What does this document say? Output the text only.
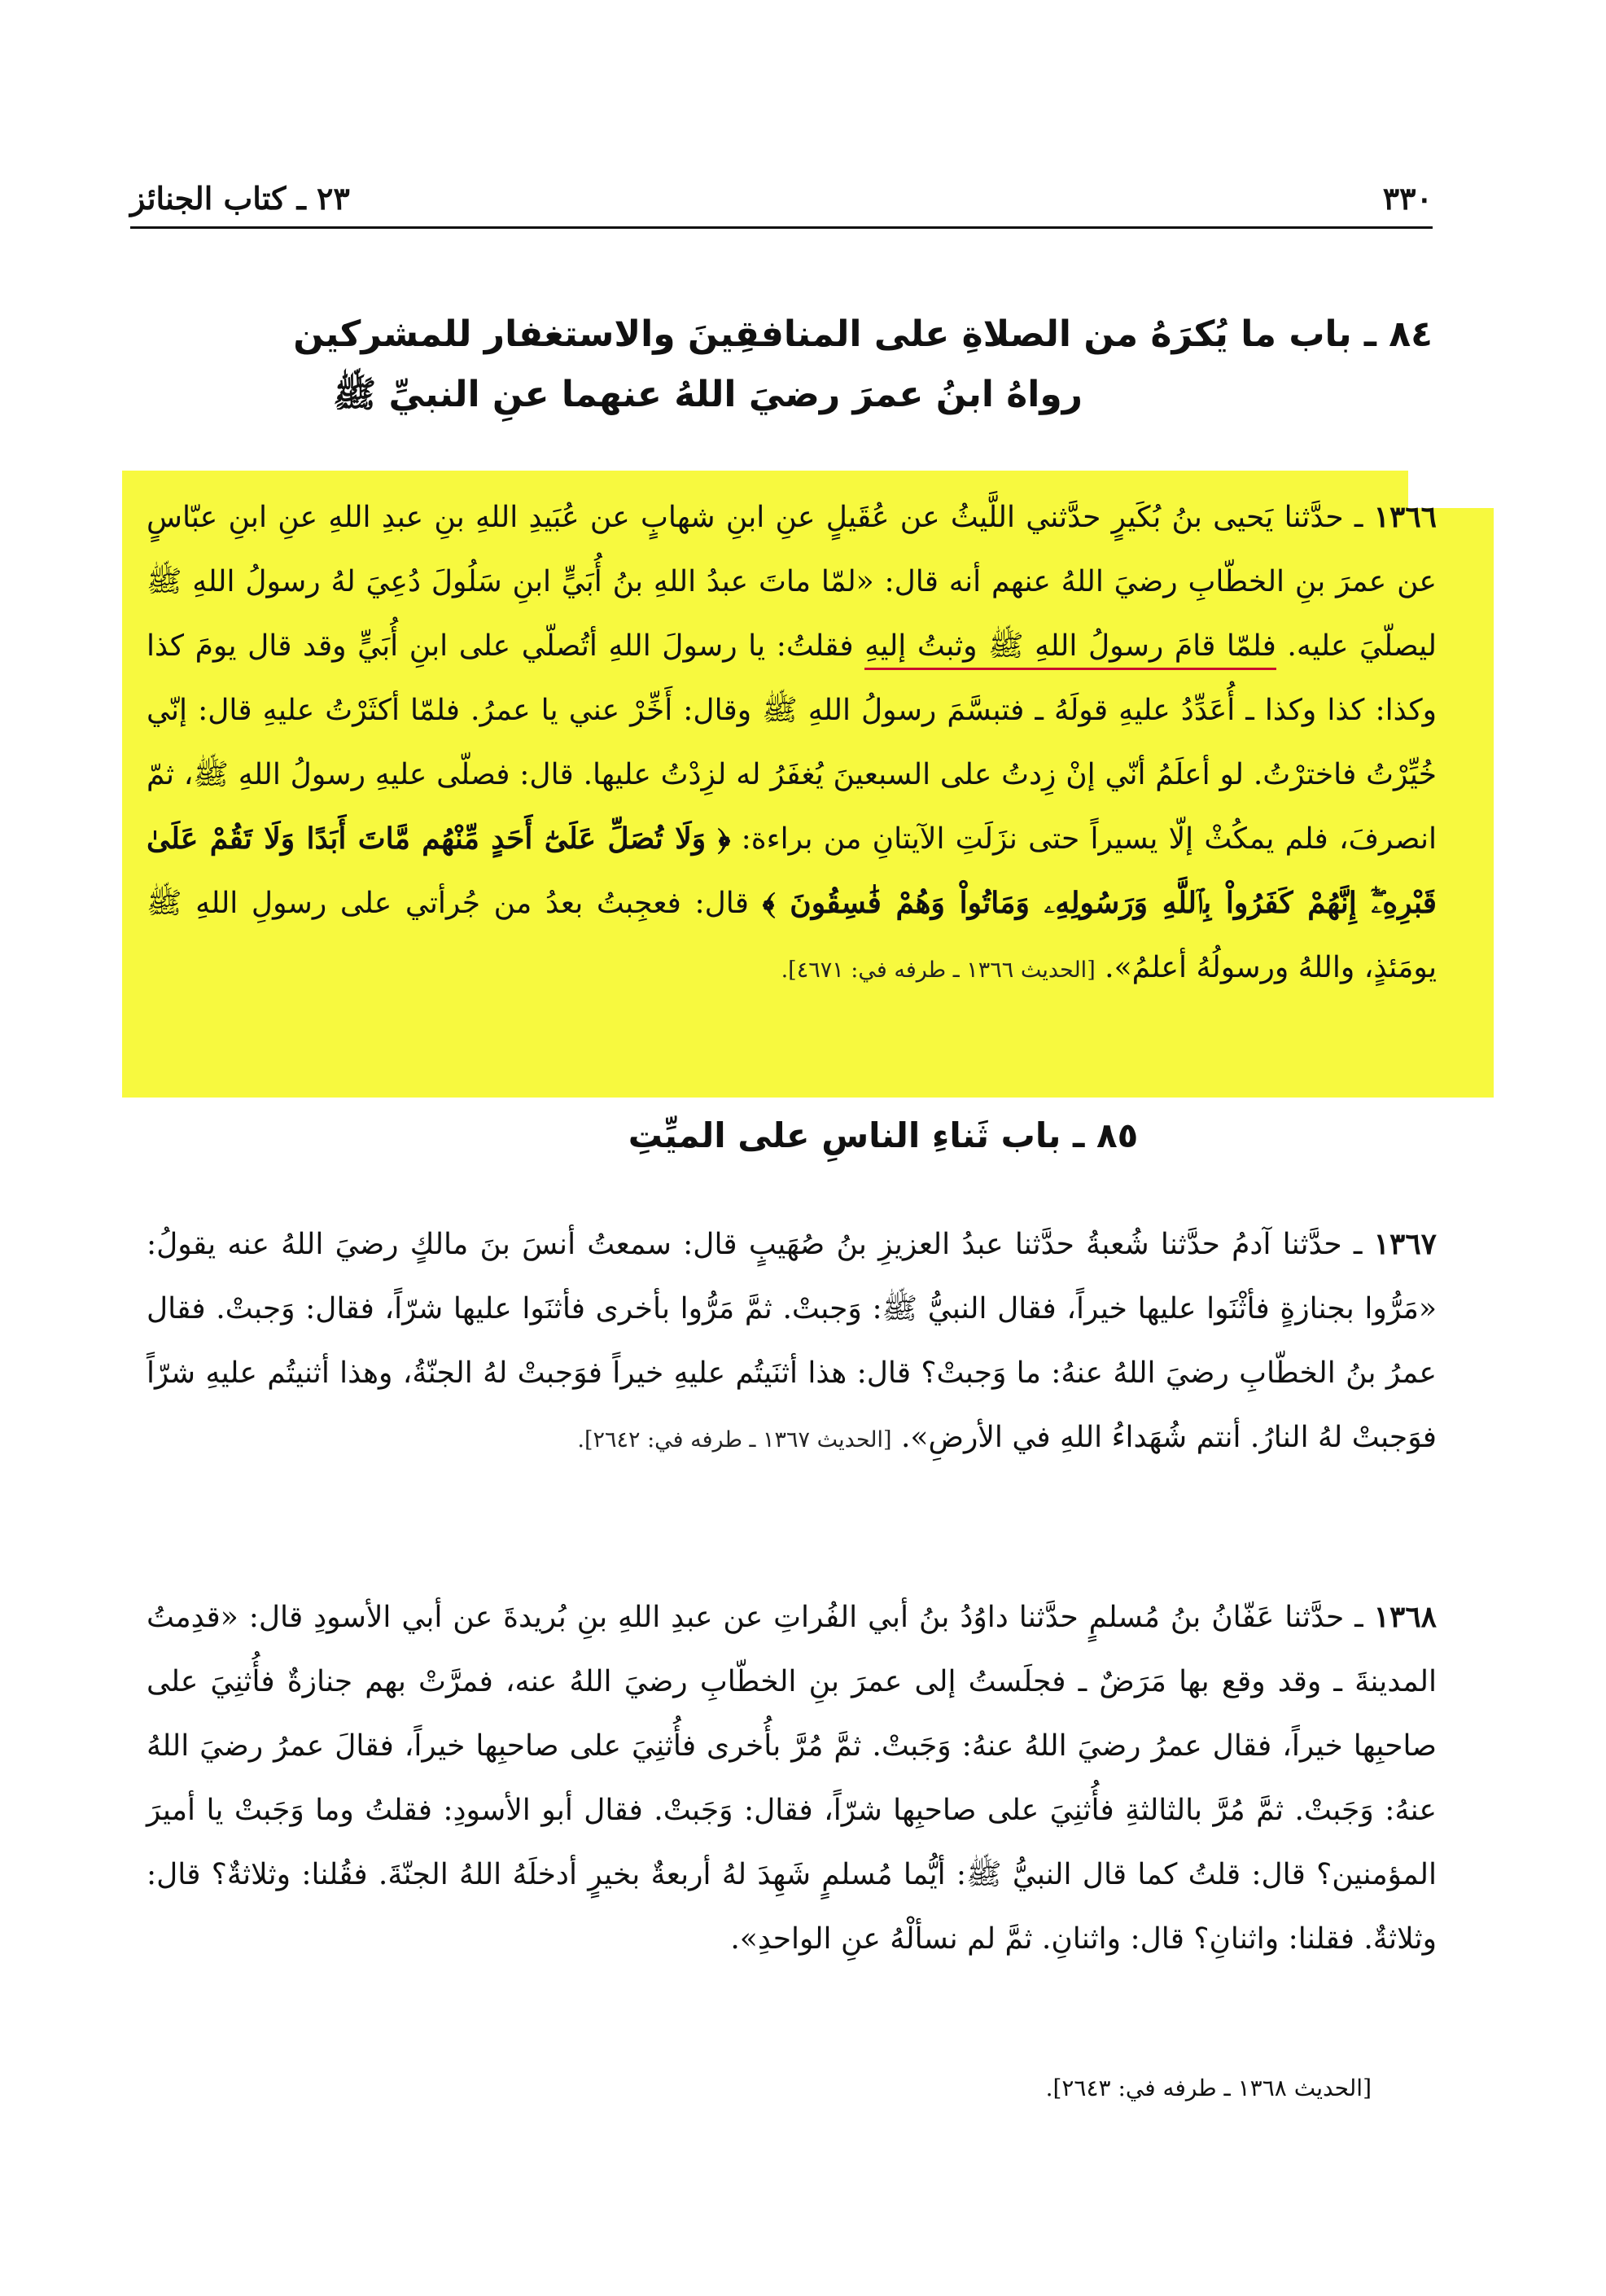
٣٣٠
٢٣ ـ كتاب الجنائز
٨٤ ـ باب ما يُكرَهُ من الصلاةِ على المنافقِينَ والاستغفار للمشركين
رواهُ ابنُ عمرَ رضيَ اللهُ عنهما عنِ النبيِّ ﷺ

١٣٦٦ ـ حدَّثنا يَحيى بنُ بُكَيرٍ حدَّثني اللَّيثُ عن عُقَيلٍ عنِ ابنِ شهابٍ عن عُبَيدِ اللهِ بنِ عبدِ اللهِ عنِ ابنِ عبّاسٍ عن عمرَ بنِ الخطّابِ رضيَ اللهُ عنهم أنه قال: «لمّا ماتَ عبدُ اللهِ بنُ أُبَيٍّ ابنِ سَلُولَ دُعِيَ لهُ رسولُ اللهِ ﷺ ليصلّيَ عليه. فلمّا قامَ رسولُ اللهِ ﷺ وثبتُ إليهِ فقلتُ: يا رسولَ اللهِ أتُصلّي على ابنِ أُبَيٍّ وقد قال يومَ كذا وكذا: كذا وكذا ـ أُعَدِّدُ عليهِ قولَهُ ـ فتبسَّمَ رسولُ اللهِ ﷺ وقال: أَخِّرْ عني يا عمرُ. فلمّا أكثَرْتُ عليهِ قال: إنّي خُيِّرْتُ فاخترْتُ. لو أعلَمُ أنّي إنْ زِدتُ على السبعينَ يُغفَرُ له لزِدْتُ عليها. قال: فصلّى عليهِ رسولُ اللهِ ﷺ، ثمّ انصرفَ، فلم يمكُثْ إلّا يسيراً حتى نزَلَتِ الآيتانِ من براءة: ﴿ وَلَا تُصَلِّ عَلَىٰٓ أَحَدٍ مِّنْهُم مَّاتَ أَبَدًا وَلَا تَقُمْ عَلَىٰ قَبْرِهِۦٓۖ إِنَّهُمْ كَفَرُواْ بِٱللَّهِ وَرَسُولِهِۦ وَمَاتُواْ وَهُمْ فَٰسِقُونَ ﴾ قال: فعجِبتُ بعدُ من جُرأتي على رسولِ اللهِ ﷺ يومَئذٍ، واللهُ ورسولُهُ أعلمُ». [الحديث ١٣٦٦ ـ طرفه في: ٤٦٧١].

٨٥ ـ باب ثَناءِ الناسِ على الميِّتِ

١٣٦٧ ـ حدَّثنا آدمُ حدَّثنا شُعبةُ حدَّثنا عبدُ العزيزِ بنُ صُهَيبٍ قال: سمعتُ أنسَ بنَ مالكٍ رضيَ اللهُ عنه يقولُ: «مَرُّوا بجنازةٍ فأثْنَوا عليها خيراً، فقال النبيُّ ﷺ: وَجبتْ. ثمَّ مَرُّوا بأخرى فأثنَوا عليها شرّاً، فقال: وَجبتْ. فقال عمرُ بنُ الخطّابِ رضيَ اللهُ عنهُ: ما وَجبتْ؟ قال: هذا أثنَيتُم عليهِ خيراً فوَجبتْ لهُ الجنّةُ، وهذا أثنيتُم عليهِ شرّاً فوَجبتْ لهُ النارُ. أنتم شُهَداءُ اللهِ في الأرضِ». [الحديث ١٣٦٧ ـ طرفه في: ٢٦٤٢].

١٣٦٨ ـ حدَّثنا عَفّانُ بنُ مُسلمٍ حدَّثنا داوُدُ بنُ أبي الفُراتِ عن عبدِ اللهِ بنِ بُريدةَ عن أبي الأسودِ قال: «قدِمتُ المدينةَ ـ وقد وقع بها مَرَضٌ ـ فجلَستُ إلى عمرَ بنِ الخطّابِ رضيَ اللهُ عنه، فمرَّتْ بهم جنازةٌ فأُثنِيَ على صاحبِها خيراً، فقال عمرُ رضيَ اللهُ عنهُ: وَجَبتْ. ثمَّ مُرَّ بأُخرى فأُثنِيَ على صاحبِها خيراً، فقالَ عمرُ رضيَ اللهُ عنهُ: وَجَبتْ. ثمَّ مُرَّ بالثالثةِ فأُثنِيَ على صاحبِها شرّاً، فقال: وَجَبتْ. فقال أبو الأسودِ: فقلتُ وما وَجَبتْ يا أميرَ المؤمنين؟ قال: قلتُ كما قال النبيُّ ﷺ: أيُّما مُسلمٍ شَهِدَ لهُ أربعةٌ بخيرٍ أدخلَهُ اللهُ الجنّةَ. فقُلنا: وثلاثةٌ؟ قال: وثلاثةٌ. فقلنا: واثنانِ؟ قال: واثنانِ. ثمَّ لم نسألْهُ عنِ الواحدِ».

[الحديث ١٣٦٨ ـ طرفه في: ٢٦٤٣].
